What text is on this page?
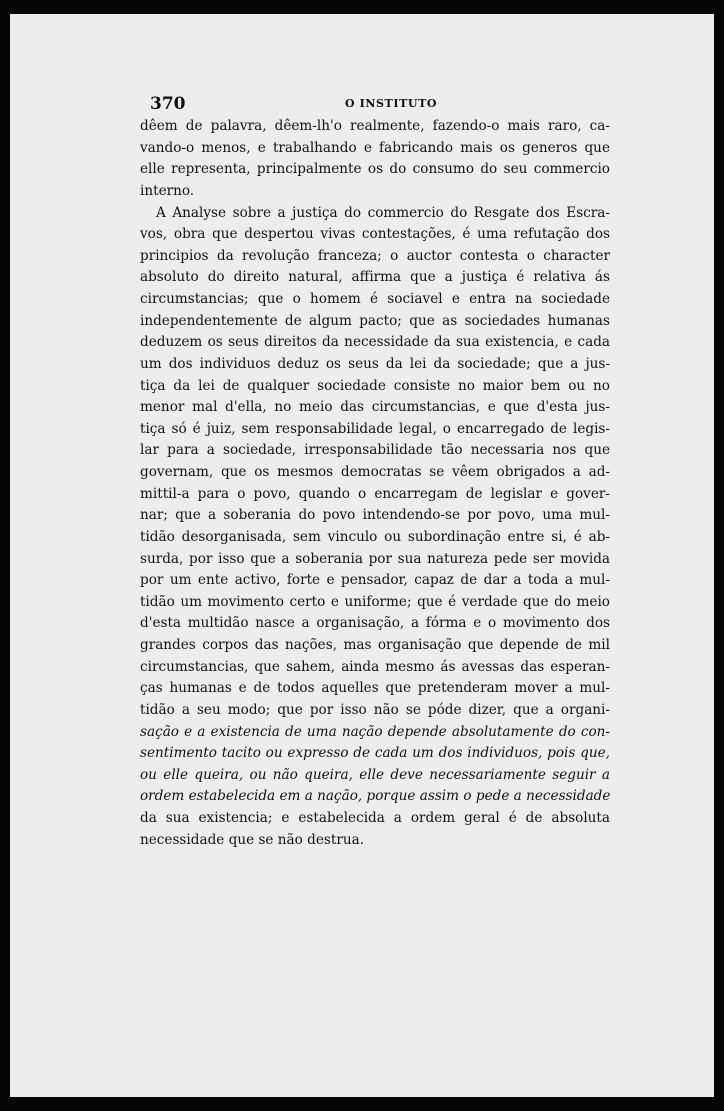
370	O INSTITUTO
dêem de palavra, dêem-lh'o realmente, fazendo-o mais raro, ca-
vando-o menos, e trabalhando e fabricando mais os generos que
elle representa, principalmente os do consumo do seu commercio
interno.
A Analyse sobre a justiça do commercio do Resgate dos Escra-
vos, obra que despertou vivas contestações, é uma refutação dos
principios da revolução franceza; o auctor contesta o character
absoluto do direito natural, affirma que a justiça é relativa ás
circumstancias; que o homem é sociavel e entra na sociedade
independentemente de algum pacto; que as sociedades humanas
deduzem os seus direitos da necessidade da sua existencia, e cada
um dos individuos deduz os seus da lei da sociedade; que a jus-
tiça da lei de qualquer sociedade consiste no maior bem ou no
menor mal d'ella, no meio das circumstancias, e que d'esta jus-
tiça só é juiz, sem responsabilidade legal, o encarregado de legis-
lar para a sociedade, irresponsabilidade tão necessaria nos que
governam, que os mesmos democratas se vêem obrigados a ad-
mittil-a para o povo, quando o encarregam de legislar e gover-
nar; que a soberania do povo intendendo-se por povo, uma mul-
tidão desorganisada, sem vinculo ou subordinação entre si, é ab-
surda, por isso que a soberania por sua natureza pede ser movida
por um ente activo, forte e pensador, capaz de dar a toda a mul-
tidão um movimento certo e uniforme; que é verdade que do meio
d'esta multidão nasce a organisação, a fórma e o movimento dos
grandes corpos das nações, mas organisação que depende de mil
circumstancias, que sahem, ainda mesmo ás avessas das esperan-
ças humanas e de todos aquelles que pretenderam mover a mul-
tidão a seu modo; que por isso não se póde dizer, que a organi-
sação e a existencia de uma nação depende absolutamente do con-
sentimento tacito ou expresso de cada um dos individuos, pois que,
ou elle queira, ou não queira, elle deve necessariamente seguir a
ordem estabelecida em a nação, porque assim o pede a necessidade
da sua existencia; e estabelecida a ordem geral é de absoluta
necessidade que se não destrua.
